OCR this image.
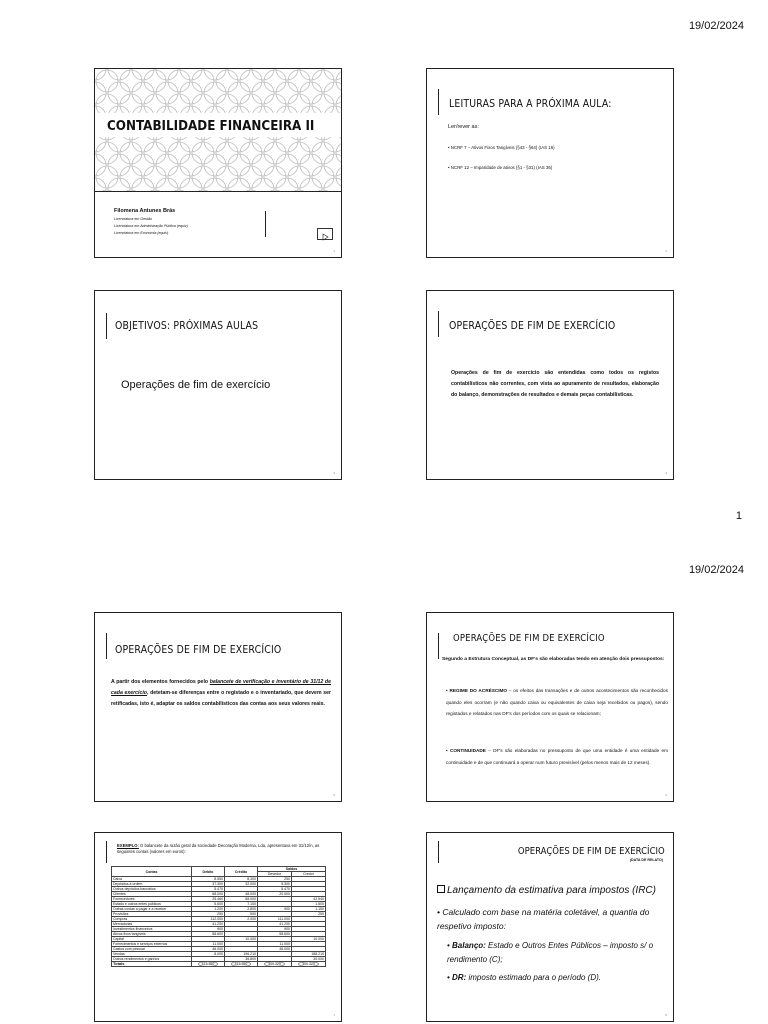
19/02/2024
CONTABILIDADE FINANCEIRA II
Filomena Antunes Brás
Licenciatura em Gestão
Licenciatura em Administração Pública (equiv)
Licenciatura em Economia (equiv)
1
LEITURAS PARA A PRÓXIMA AULA:
Ler/rever as:
• NCRF 7 – Ativos Fixos Tangíveis (§43 - §64) (IAS 16)
• NCRF 12 – Imparidade de ativos (§1 - §31) (IAS 36)
2
OBJETIVOS: PRÓXIMAS AULAS
Operações de fim de exercício
3
OPERAÇÕES DE FIM DE EXERCÍCIO
Operações de fim de exercício são entendidas como todos os registos contabilísticos não correntes, com vista ao apuramento de resultados, elaboração do balanço, demonstrações de resultados e demais peças contabilísticas.
4
1
19/02/2024
OPERAÇÕES DE FIM DE EXERCÍCIO
A partir dos elementos fornecidos pelo balancete de verificação e inventário de 31/12 de cada exercício, detetam-se diferenças entre o registado e o inventariado, que devem ser retificadas, isto é, adaptar os saldos contabilísticos das contas aos seus valores reais.
5
OPERAÇÕES DE FIM DE EXERCÍCIO
Segundo a Estrutura Conceptual, as DF's são elaboradas tendo em atenção dois pressupostos:
• REGIME DO ACRÉSCIMO – os efeitos das transações e de outros acontecimentos são reconhecidos quando eles ocorram (e não quando caixa ou equivalentes de caixa seja recebidos ou pagos), sendo registados e relatados nas DF's dos períodos com os quais se relacionam;
• CONTINUIDADE – DF's são elaboradas no pressuposto de que uma entidade é uma entidade em continuidade e de que continuará a operar num futuro previsível (pelos menos mais de 12 meses).
6
EXEMPLO: O balancete da razão geral da sociedade Decoração Moderna, Lda, apresentava em 31/12/n, as seguintes contas (valores em euros):
Contas	Débito	Crédito	Saldos	
			Devedor	Credor
Caixa	8.550	8.300	250	
Depósitos à ordem	37.300	32.000	5.300	
Outros depósitos bancários	5.470		5.470	
Clientes	68.000	48.000	20.000	
Fornecedores	25.460	68.000		42.540
Estado e outros entes públicos	5.600	7.100		1.500
Outras contas a pagar e a receber	1.200	2.800	900	1.150
Provisões	250	500		250
Compras	112.000	2.000	111.000	
Mercadorias	41.200		41.200	
Investimentos financeiros	900		900	
Ativos fixos tangíveis	58.600		58.600	
Capital		10.000		10.000
Fornecimentos e serviços externos	11.000		11.000	
Gastos com pessoal	46.000		46.000	
Vendas	8.000	196.210		188.210
Outros rendimentos e ganhos		36.800		30.000
Totais	415.550	415.550	300.320	300.320
7
OPERAÇÕES DE FIM DE EXERCÍCIO
(DATA DE RELATO)
Lançamento da estimativa para impostos (IRC)
• Calculado com base na matéria coletável, a quantia do respetivo imposto:
• Balanço: Estado e Outros Entes Públicos – imposto s/ o rendimento (C);
• DR: imposto estimado para o período (D).
8
